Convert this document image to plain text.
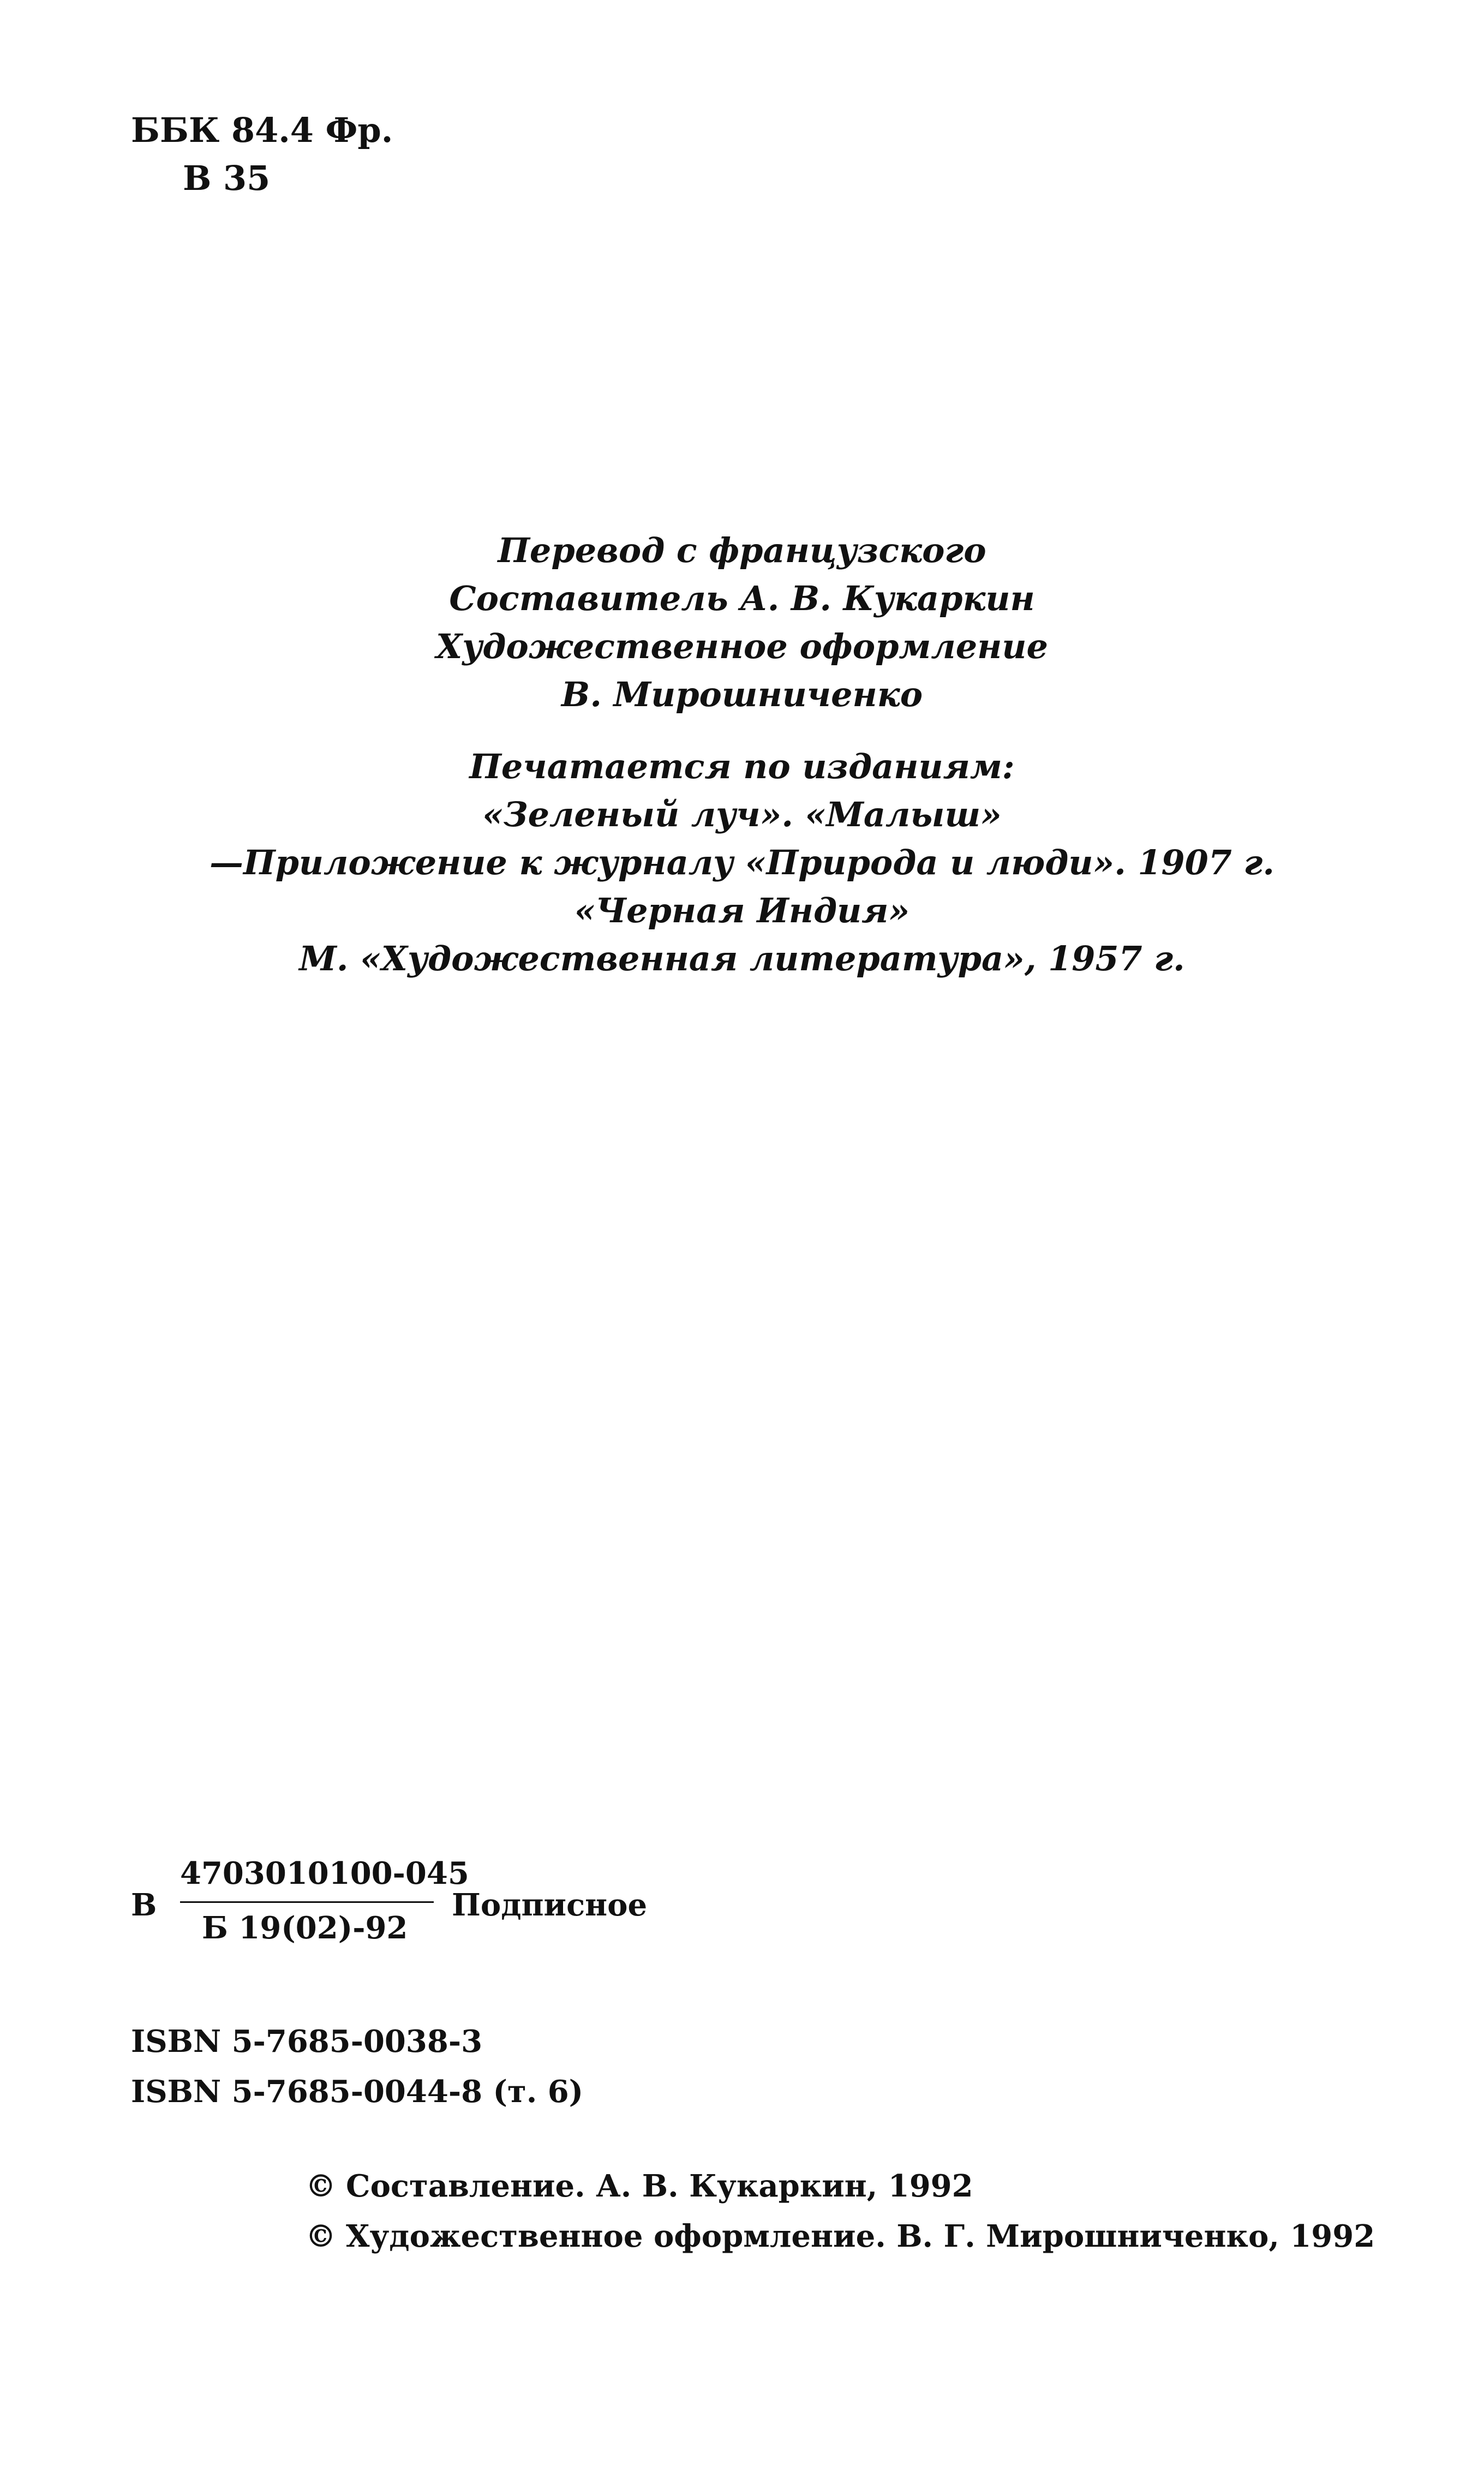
ББК 84.4 Фр.
В 35
Перевод с французского
Составитель А. В. Кукаркин
Художественное оформление
В. Мирошниченко
Печатается по изданиям:
«Зеленый луч». «Малыш»
—Приложение к журналу «Природа и люди». 1907 г.
«Черная Индия»
М. «Художественная литература», 1957 г.
В
4703010100-045
Б 19(02)-92
Подписное
ISBN 5-7685-0038-3
ISBN 5-7685-0044-8 (т. 6)
© Составление. А. В. Кукаркин, 1992
© Художественное оформление. В. Г. Мирошниченко, 1992
